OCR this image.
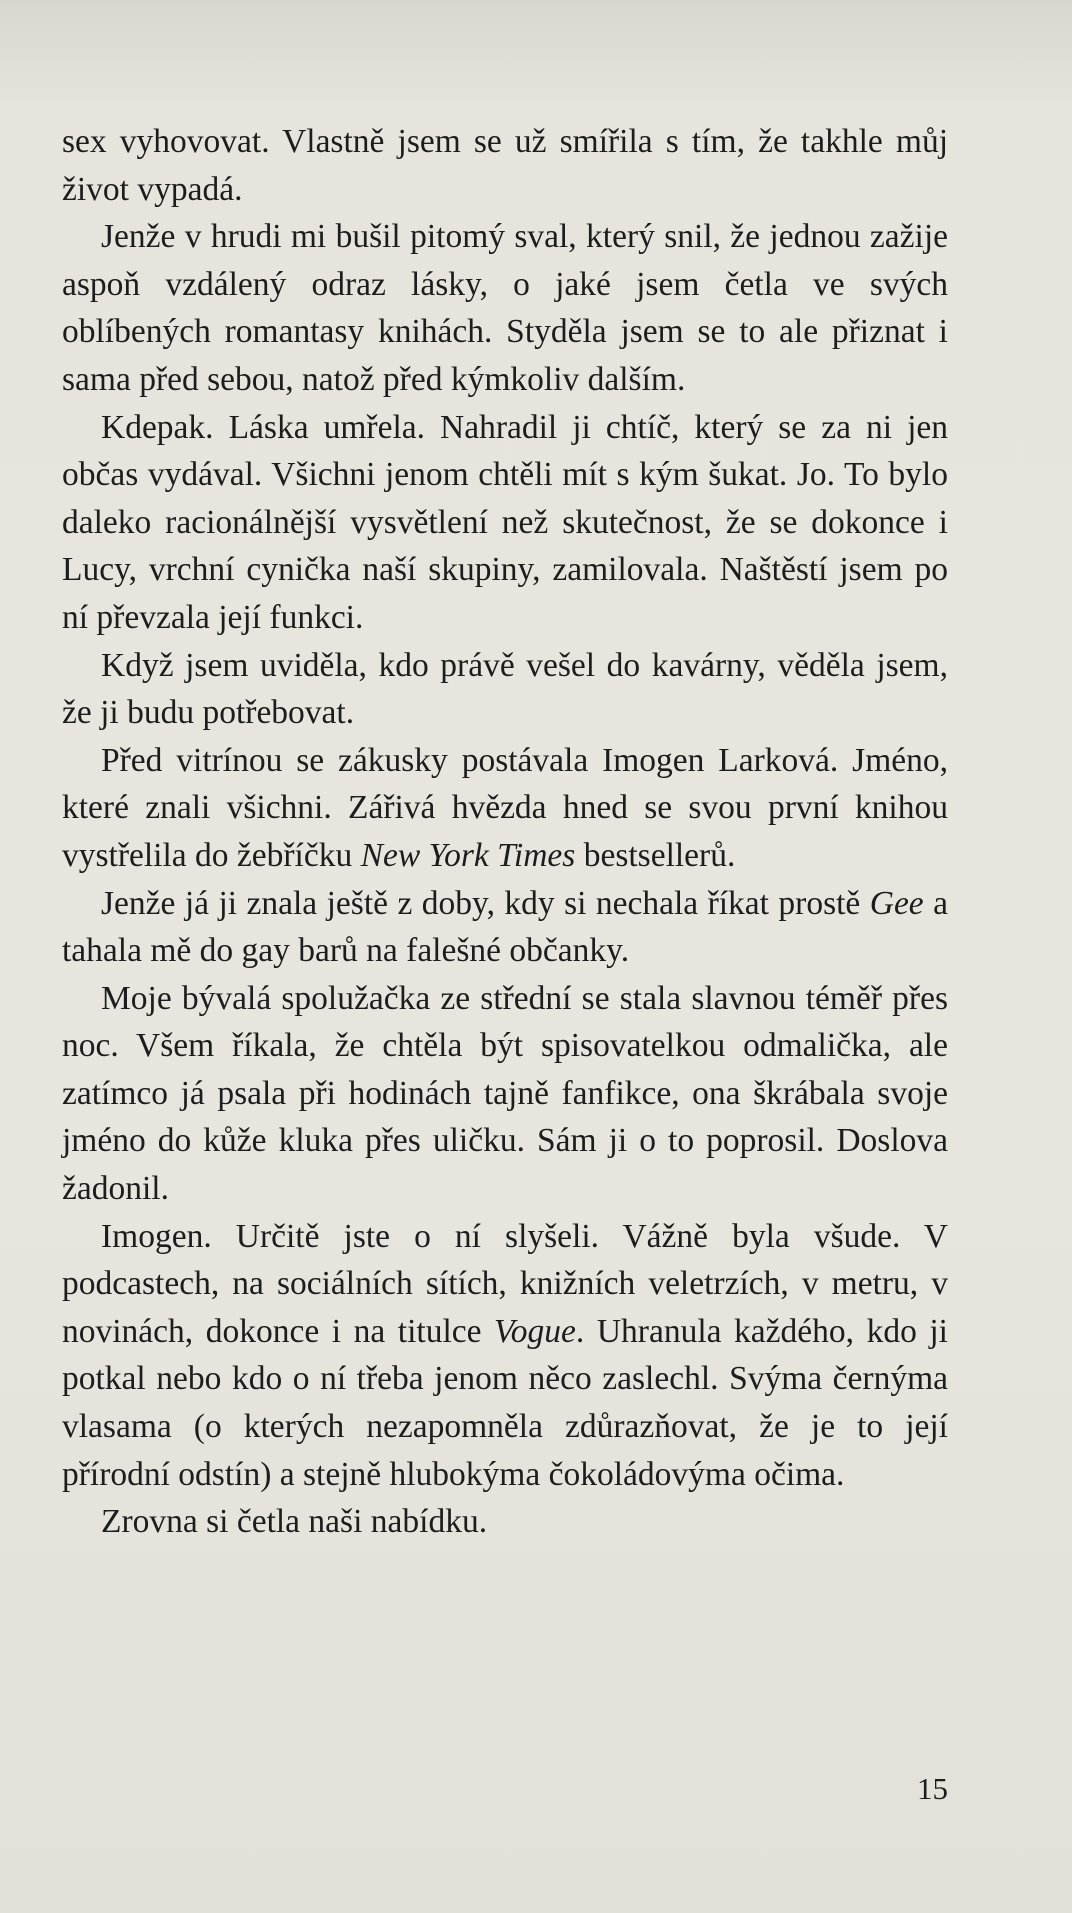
sex vyhovovat. Vlastně jsem se už smířila s tím, že takhle můj život vypadá.

Jenže v hrudi mi bušil pitomý sval, který snil, že jednou zažije aspoň vzdálený odraz lásky, o jaké jsem četla ve svých oblíbených romantasy knihách. Styděla jsem se to ale přiznat i sama před sebou, natož před kýmkoliv dalším.

Kdepak. Láska umřela. Nahradil ji chtíč, který se za ni jen občas vydával. Všichni jenom chtěli mít s kým šukat. Jo. To bylo daleko racionálnější vysvětlení než skutečnost, že se dokonce i Lucy, vrchní cynička naší skupiny, zamilovala. Naštěstí jsem po ní převzala její funkci.

Když jsem uviděla, kdo právě vešel do kavárny, věděla jsem, že ji budu potřebovat.

Před vitrínou se zákusky postávala Imogen Larková. Jméno, které znali všichni. Zářivá hvězda hned se svou první knihou vystřelila do žebříčku New York Times bestsellerů.

Jenže já ji znala ještě z doby, kdy si nechala říkat prostě Gee a tahala mě do gay barů na falešné občanky.

Moje bývalá spolužačka ze střední se stala slavnou téměř přes noc. Všem říkala, že chtěla být spisovatelkou odmalička, ale zatímco já psala při hodinách tajně fanfikce, ona škrábala svoje jméno do kůže kluka přes uličku. Sám ji o to poprosil. Doslova žadonil.

Imogen. Určitě jste o ní slyšeli. Vážně byla všude. V podcastech, na sociálních sítích, knižních veletrzích, v metru, v novinách, dokonce i na titulce Vogue. Uhranula každého, kdo ji potkal nebo kdo o ní třeba jenom něco zaslechl. Svýma černýma vlasama (o kterých nezapomněla zdůrazňovat, že je to její přírodní odstín) a stejně hlubokýma čokoládovýma očima.

Zrovna si četla naši nabídku.

15
